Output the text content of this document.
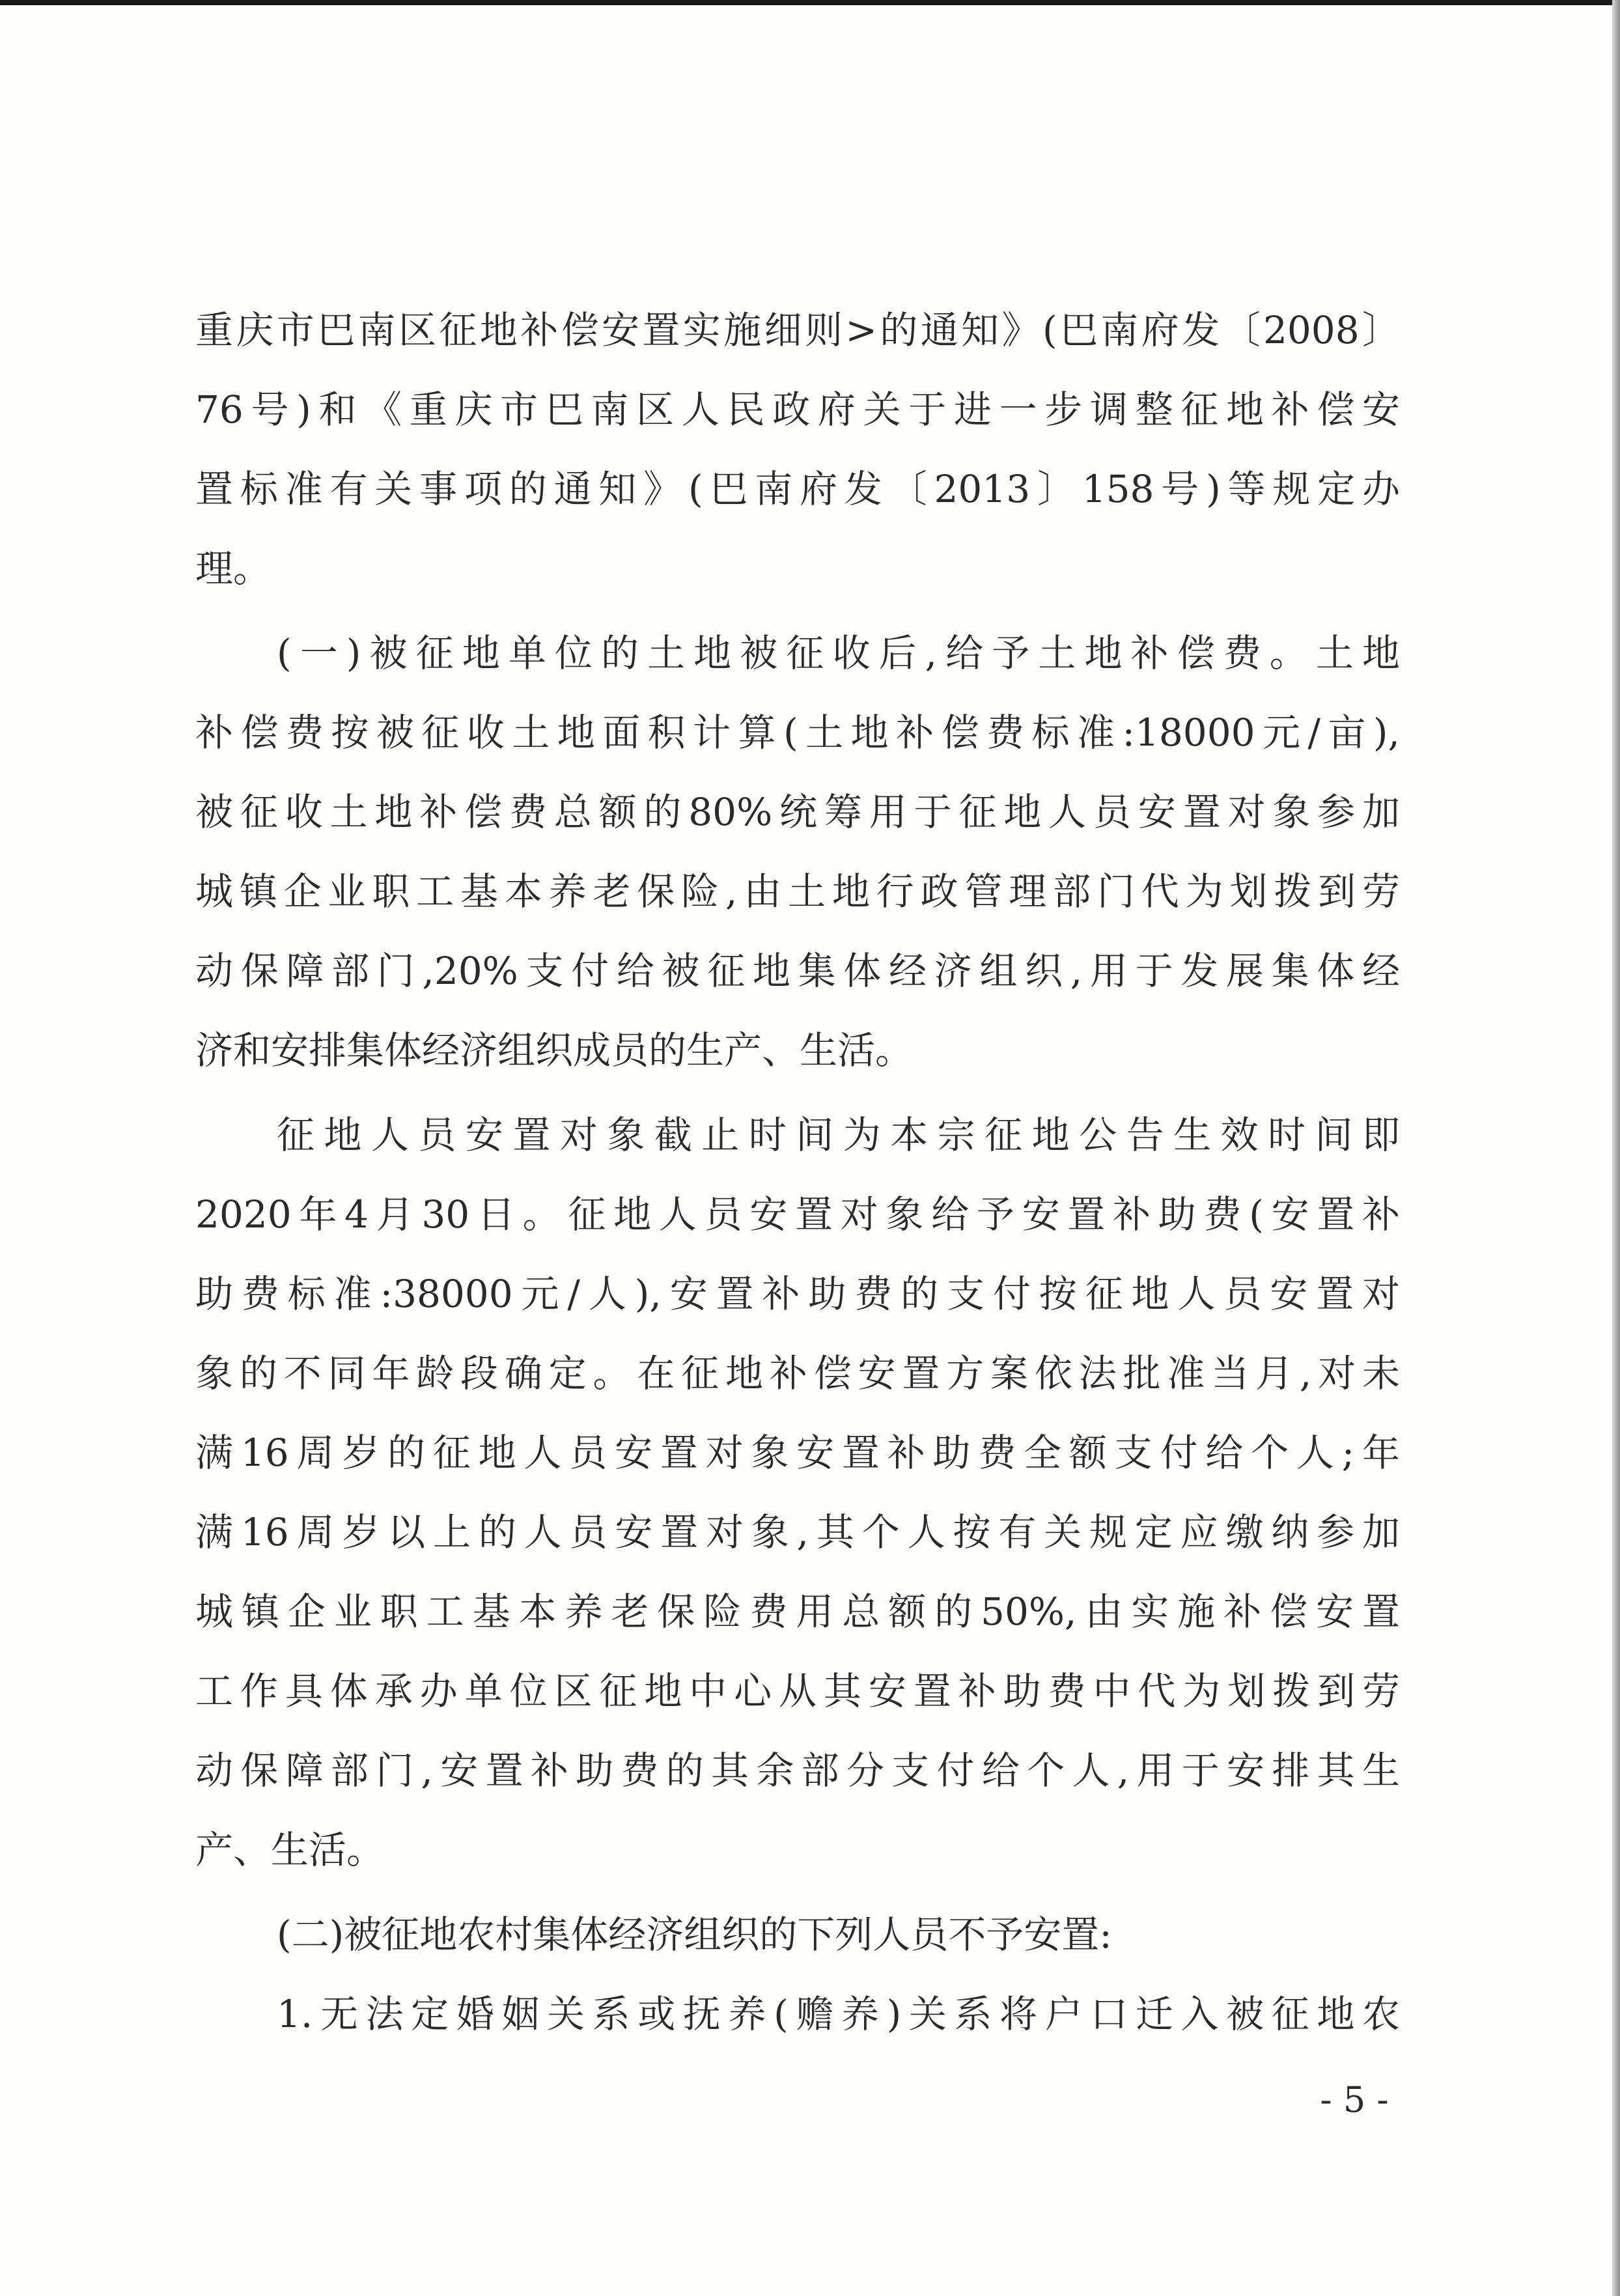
重庆市巴南区征地补偿安置实施细则>的通知》(巴南府发〔2008〕
76号)和《重庆市巴南区人民政府关于进一步调整征地补偿安
置标准有关事项的通知》(巴南府发〔2013〕158号)等规定办
理。
(一)被征地单位的土地被征收后,给予土地补偿费。土地
补偿费按被征收土地面积计算(土地补偿费标准:18000元/亩),
被征收土地补偿费总额的80%统筹用于征地人员安置对象参加
城镇企业职工基本养老保险,由土地行政管理部门代为划拨到劳
动保障部门,20%支付给被征地集体经济组织,用于发展集体经
济和安排集体经济组织成员的生产、生活。
征地人员安置对象截止时间为本宗征地公告生效时间即
2020年4月30日。征地人员安置对象给予安置补助费(安置补
助费标准:38000元/人),安置补助费的支付按征地人员安置对
象的不同年龄段确定。在征地补偿安置方案依法批准当月,对未
满16周岁的征地人员安置对象安置补助费全额支付给个人;年
满16周岁以上的人员安置对象,其个人按有关规定应缴纳参加
城镇企业职工基本养老保险费用总额的50%,由实施补偿安置
工作具体承办单位区征地中心从其安置补助费中代为划拨到劳
动保障部门,安置补助费的其余部分支付给个人,用于安排其生
产、生活。
(二)被征地农村集体经济组织的下列人员不予安置:
1.无法定婚姻关系或抚养(赡养)关系将户口迁入被征地农
- 5 -
